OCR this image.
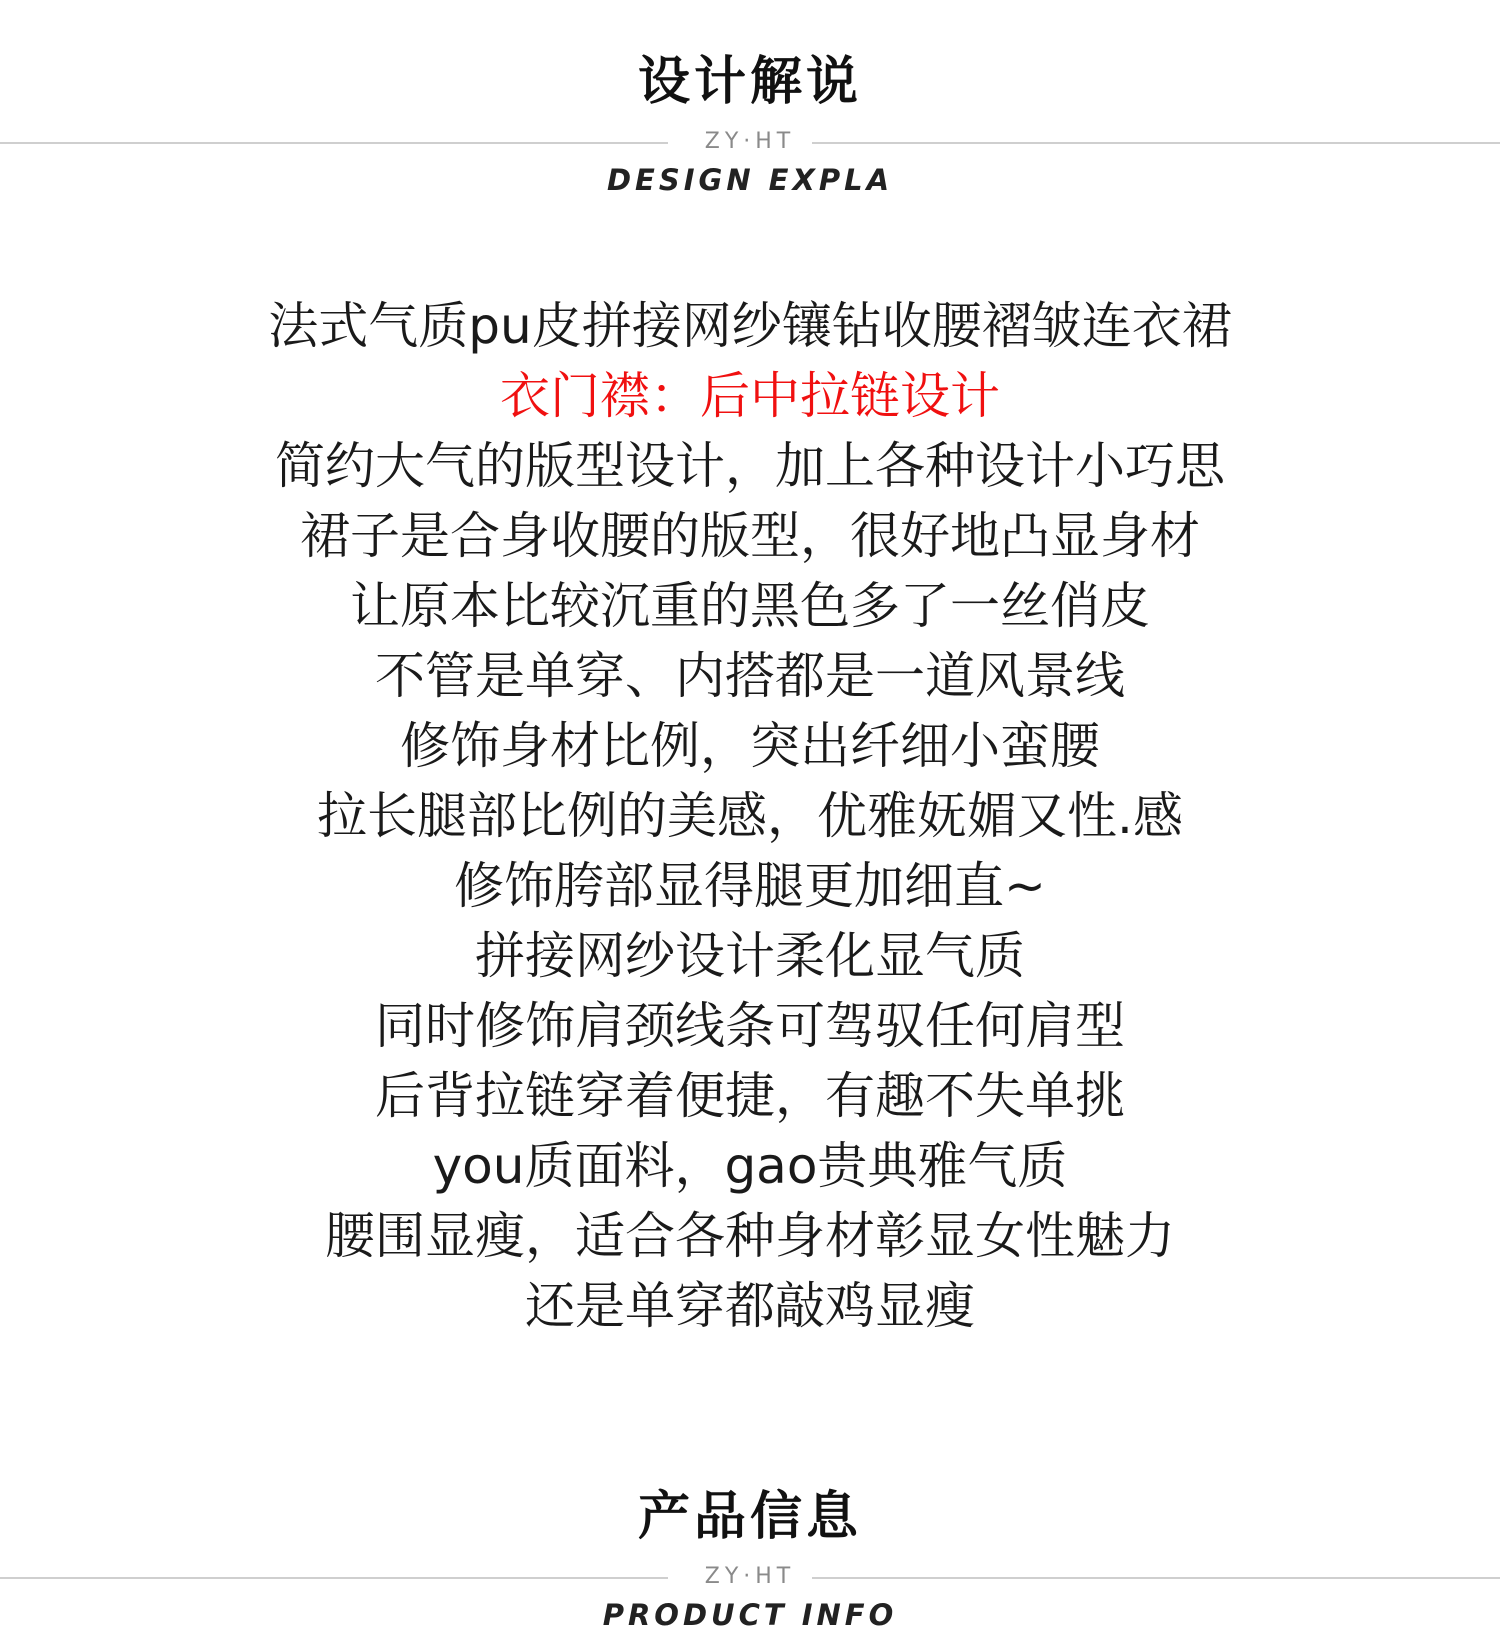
设计解说
ZY·HT
DESIGN EXPLA
法式气质pu皮拼接网纱镶钻收腰褶皱连衣裙
衣门襟：后中拉链设计
简约大气的版型设计，加上各种设计小巧思
裙子是合身收腰的版型，很好地凸显身材
让原本比较沉重的黑色多了一丝俏皮
不管是单穿、内搭都是一道风景线
修饰身材比例，突出纤细小蛮腰
拉长腿部比例的美感，优雅妩媚又性.感
修饰胯部显得腿更加细直~
拼接网纱设计柔化显气质
同时修饰肩颈线条可驾驭任何肩型
后背拉链穿着便捷，有趣不失单挑
you质面料，gao贵典雅气质
腰围显瘦，适合各种身材彰显女性魅力
还是单穿都敲鸡显瘦
产品信息
ZY·HT
PRODUCT INFO
